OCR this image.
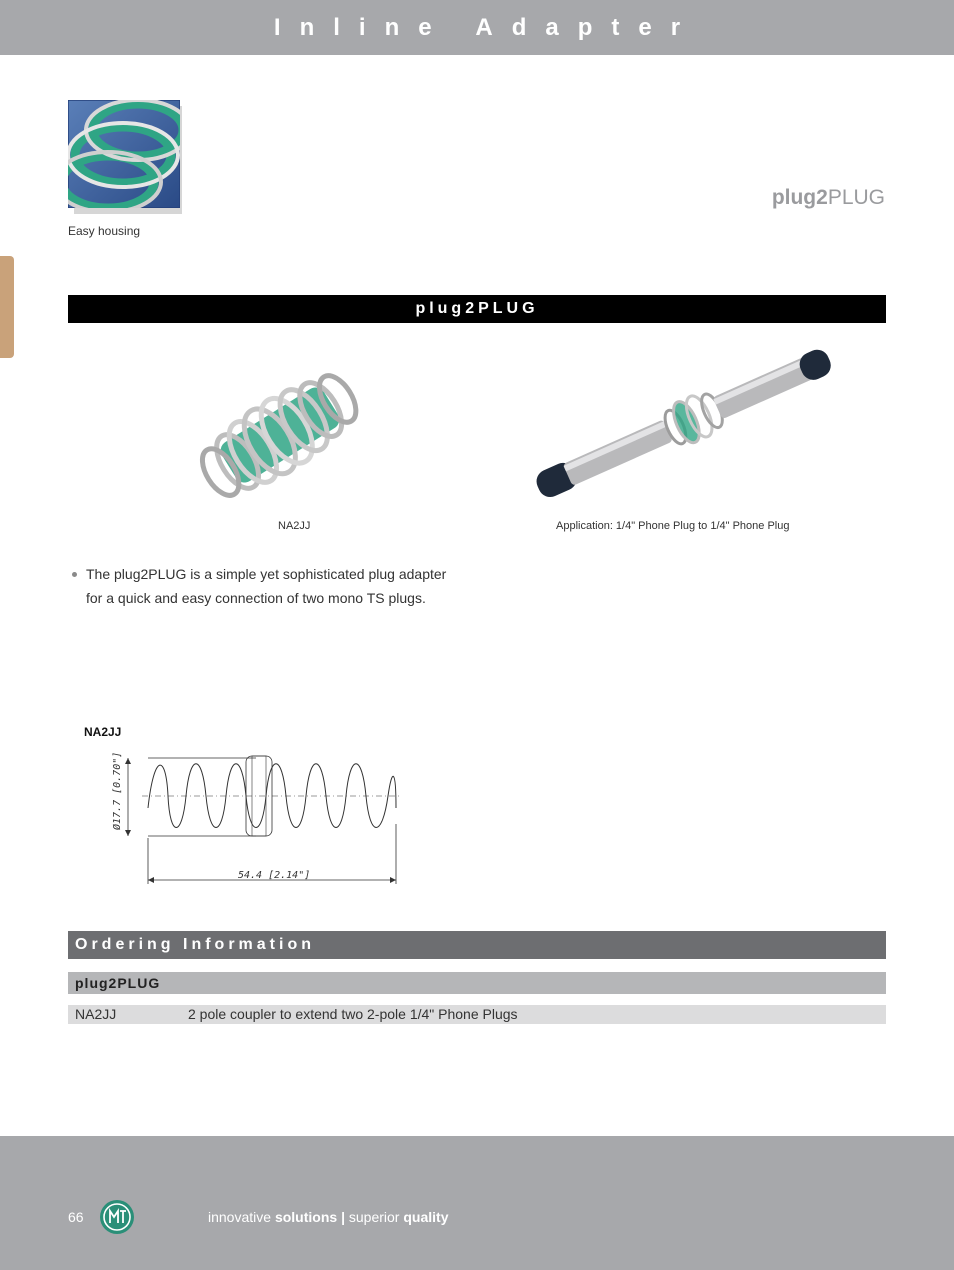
Inline Adapter
Easy housing
plug2PLUG
plug2PLUG
NA2JJ	Application: 1/4" Phone Plug to 1/4" Phone Plug
The plug2PLUG is a simple yet sophisticated plug adapter
for a quick and easy connection of two mono TS plugs.
NA2JJ
54.4 [2.14"]
Ø17.7 [0.70"]
Ordering Information
plug2PLUG
NA2JJ	2 pole coupler to extend two 2-pole 1/4" Phone Plugs
66	innovative solutions | superior quality
